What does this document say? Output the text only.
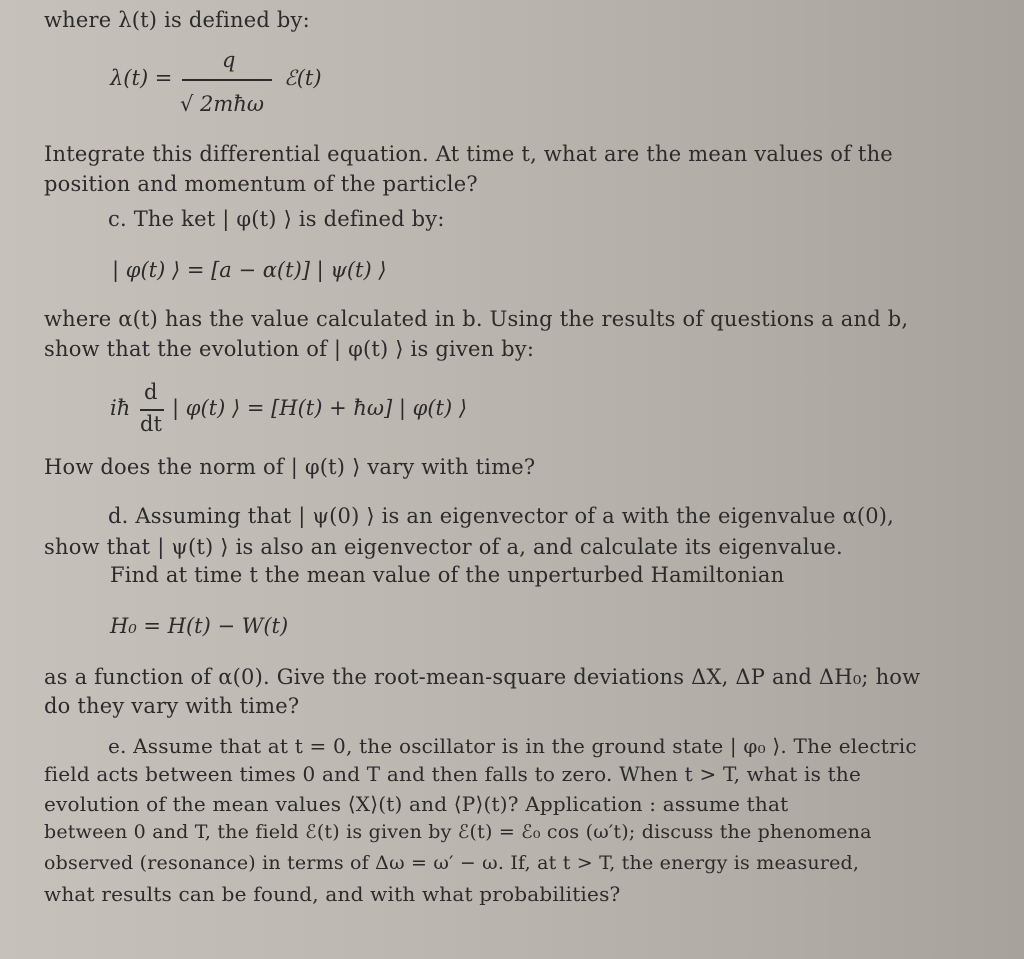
where λ(t) is defined by:
λ(t) =
q
√ 2mħω
ℰ(t)
Integrate this differential equation. At time t, what are the mean values of the
position and momentum of the particle?
c. The ket | φ(t) ⟩ is defined by:
| φ(t) ⟩ = [a − α(t)] | ψ(t) ⟩
where α(t) has the value calculated in b. Using the results of questions a and b,
show that the evolution of | φ(t) ⟩ is given by:
iħ
d
dt
| φ(t) ⟩ = [H(t) + ħω] | φ(t) ⟩
How does the norm of | φ(t) ⟩ vary with time?
d. Assuming that | ψ(0) ⟩ is an eigenvector of a with the eigenvalue α(0),
show that | ψ(t) ⟩ is also an eigenvector of a, and calculate its eigenvalue.
Find at time t the mean value of the unperturbed Hamiltonian
H₀ = H(t) − W(t)
as a function of α(0). Give the root-mean-square deviations ΔX, ΔP and ΔH₀; how
do they vary with time?
e. Assume that at t = 0, the oscillator is in the ground state | φ₀ ⟩. The electric
field acts between times 0 and T and then falls to zero. When t > T, what is the
evolution of the mean values ⟨X⟩(t) and ⟨P⟩(t)? Application : assume that
between 0 and T, the field ℰ(t) is given by ℰ(t) = ℰ₀ cos (ω′t); discuss the phenomena
observed (resonance) in terms of Δω = ω′ − ω. If, at t > T, the energy is measured,
what results can be found, and with what probabilities?
